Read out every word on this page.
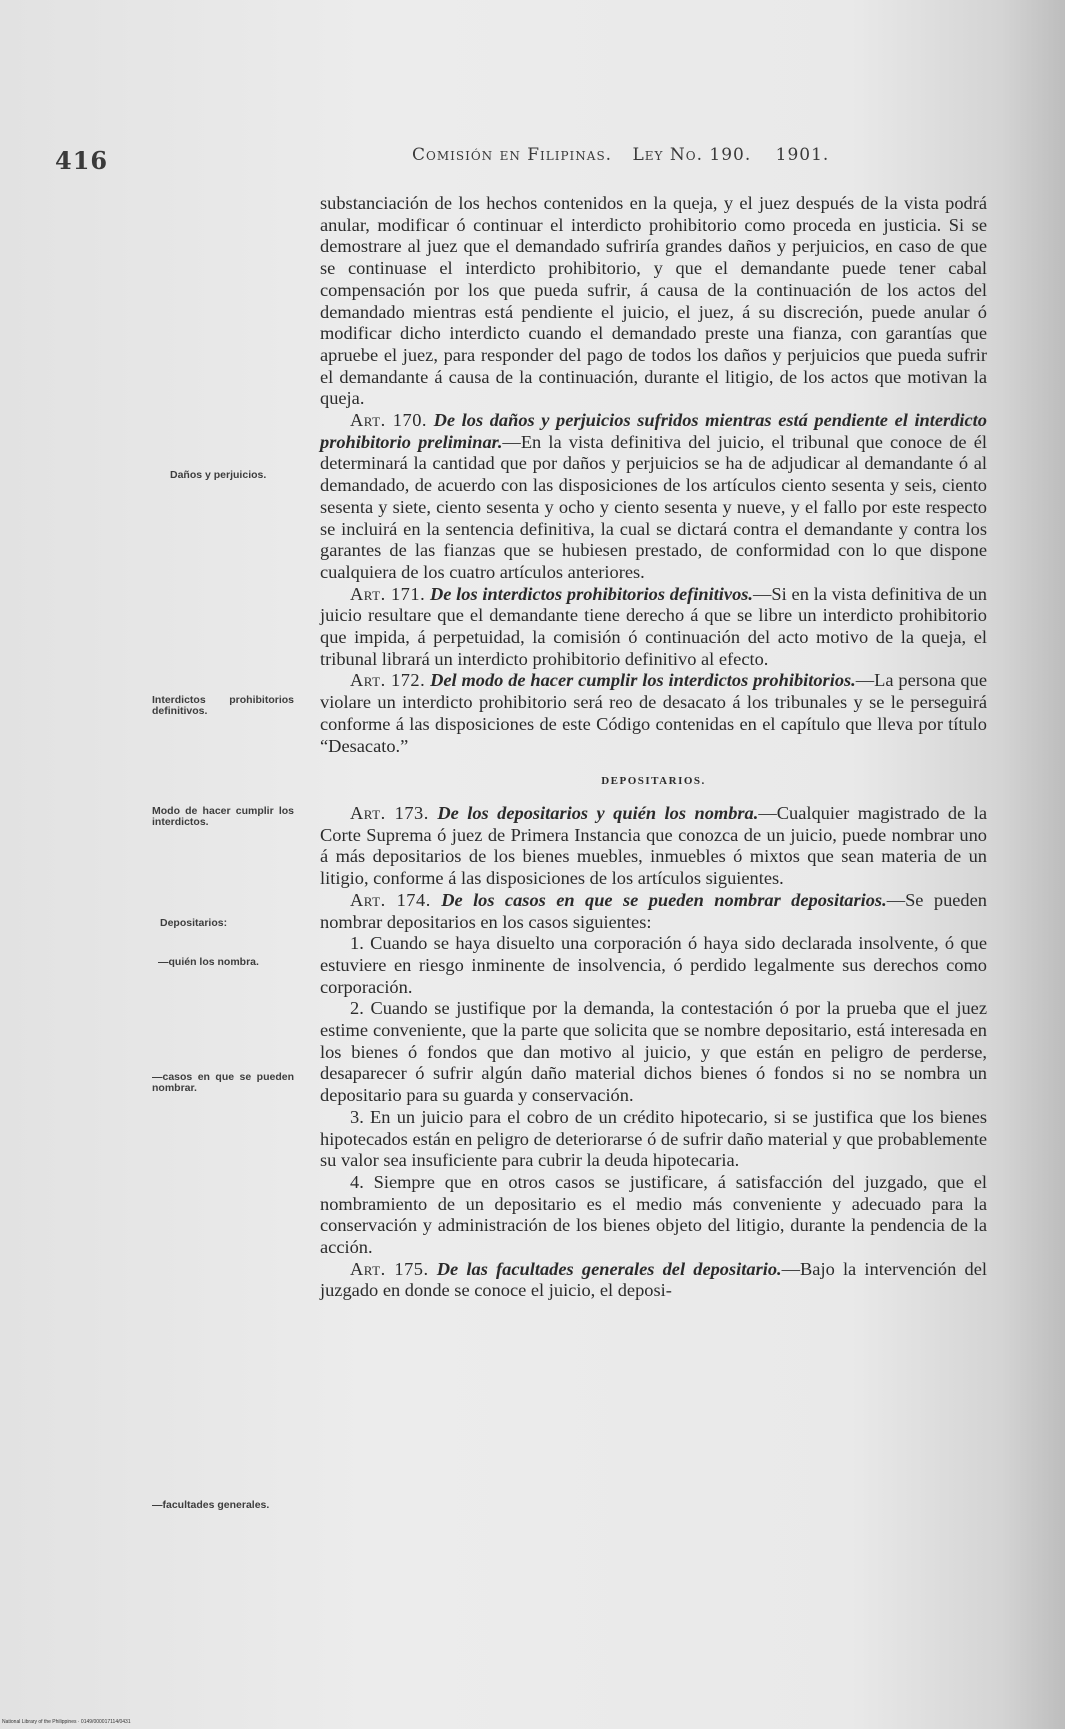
416	Comisión en Filipinas. Ley No. 190. 1901.
Daños y perjuicios.
Interdictos prohibitorios definitivos.
Modo de hacer cumplir los interdictos.
Depositarios:
—quién los nombra.
—casos en que se pueden nombrar.
—facultades generales.

substanciación de los hechos contenidos en la queja, y el juez después de la vista podrá anular, modificar ó continuar el interdicto prohibitorio como proceda en justicia. Si se demostrare al juez que el demandado sufriría grandes daños y perjuicios, en caso de que se continuase el interdicto prohibitorio, y que el demandante puede tener cabal compensación por los que pueda sufrir, á causa de la continuación de los actos del demandado mientras está pendiente el juicio, el juez, á su discreción, puede anular ó modificar dicho interdicto cuando el demandado preste una fianza, con garantías que apruebe el juez, para responder del pago de todos los daños y perjuicios que pueda sufrir el demandante á causa de la continuación, durante el litigio, de los actos que motivan la queja.

Art. 170. De los daños y perjuicios sufridos mientras está pendiente el interdicto prohibitorio preliminar.—En la vista definitiva del juicio, el tribunal que conoce de él determinará la cantidad que por daños y perjuicios se ha de adjudicar al demandante ó al demandado, de acuerdo con las disposiciones de los artículos ciento sesenta y seis, ciento sesenta y siete, ciento sesenta y ocho y ciento sesenta y nueve, y el fallo por este respecto se incluirá en la sentencia definitiva, la cual se dictará contra el demandante y contra los garantes de las fianzas que se hubiesen prestado, de conformidad con lo que dispone cualquiera de los cuatro artículos anteriores.

Art. 171. De los interdictos prohibitorios definitivos.—Si en la vista definitiva de un juicio resultare que el demandante tiene derecho á que se libre un interdicto prohibitorio que impida, á perpetuidad, la comisión ó continuación del acto motivo de la queja, el tribunal librará un interdicto prohibitorio definitivo al efecto.

Art. 172. Del modo de hacer cumplir los interdictos prohibitorios.—La persona que violare un interdicto prohibitorio será reo de desacato á los tribunales y se le perseguirá conforme á las disposiciones de este Código contenidas en el capítulo que lleva por título “Desacato.”

DEPOSITARIOS.

Art. 173. De los depositarios y quién los nombra.—Cualquier magistrado de la Corte Suprema ó juez de Primera Instancia que conozca de un juicio, puede nombrar uno á más depositarios de los bienes muebles, inmuebles ó mixtos que sean materia de un litigio, conforme á las disposiciones de los artículos siguientes.

Art. 174. De los casos en que se pueden nombrar depositarios.—Se pueden nombrar depositarios en los casos siguientes:

1. Cuando se haya disuelto una corporación ó haya sido declarada insolvente, ó que estuviere en riesgo inminente de insolvencia, ó perdido legalmente sus derechos como corporación.

2. Cuando se justifique por la demanda, la contestación ó por la prueba que el juez estime conveniente, que la parte que solicita que se nombre depositario, está interesada en los bienes ó fondos que dan motivo al juicio, y que están en peligro de perderse, desaparecer ó sufrir algún daño material dichos bienes ó fondos si no se nombra un depositario para su guarda y conservación.

3. En un juicio para el cobro de un crédito hipotecario, si se justifica que los bienes hipotecados están en peligro de deteriorarse ó de sufrir daño material y que probablemente su valor sea insuficiente para cubrir la deuda hipotecaria.

4. Siempre que en otros casos se justificare, á satisfacción del juzgado, que el nombramiento de un depositario es el medio más conveniente y adecuado para la conservación y administración de los bienes objeto del litigio, durante la pendencia de la acción.

Art. 175. De las facultades generales del depositario.—Bajo la intervención del juzgado en donde se conoce el juicio, el deposi-

National Library of the Philippines · 0149/000017114/0431
